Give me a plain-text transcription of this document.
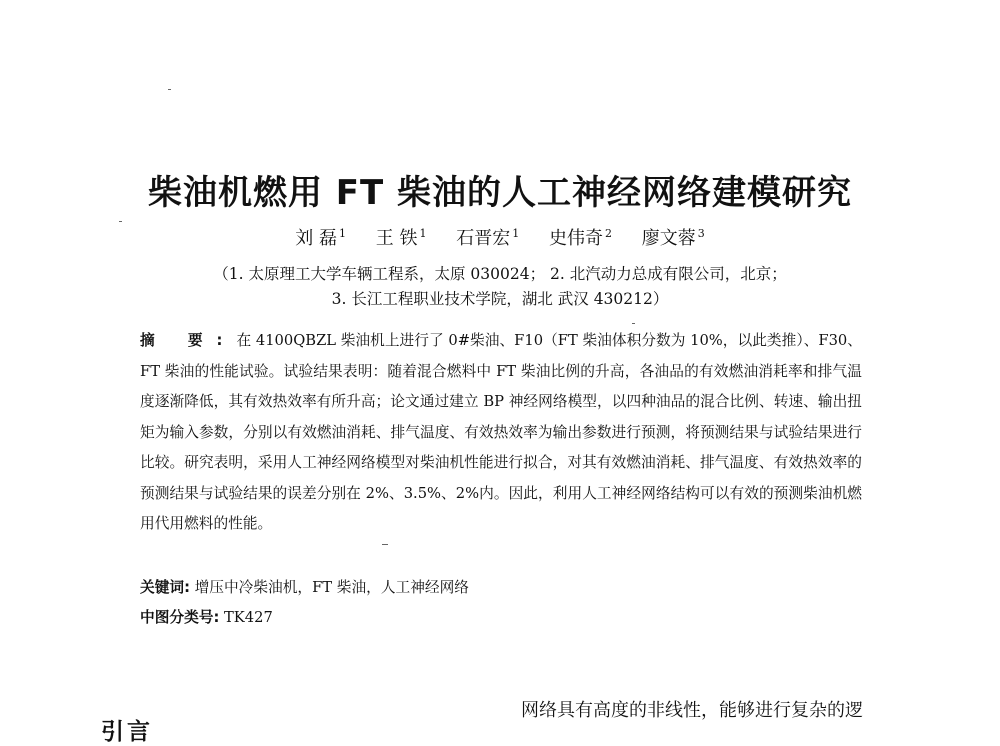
柴油机燃用 FT 柴油的人工神经网络建模研究
刘 磊 $^1$ 王 铁 $^1$ 石晋宏 $^1$ 史伟奇 $^2$ 廖文蓉 $^3$
（1. 太原理工大学车辆工程系，太原 030024； 2. 北汽动力总成有限公司，北京；
3. 长江工程职业技术学院，湖北 武汉 430212）
摘 要:在 4100QBZL 柴油机上进行了 0#柴油、F10（FT 柴油体积分数为 10%，以此类推）、F30、FT 柴油的性能试验。试验结果表明：随着混合燃料中 FT 柴油比例的升高，各油品的有效燃油消耗率和排气温度逐渐降低，其有效热效率有所升高；论文通过建立 BP 神经网络模型，以四种油品的混合比例、转速、输出扭矩为输入参数，分别以有效燃油消耗、排气温度、有效热效率为输出参数进行预测，将预测结果与试验结果进行比较。研究表明，采用人工神经网络模型对柴油机性能进行拟合，对其有效燃油消耗、排气温度、有效热效率的预测结果与试验结果的误差分别在 2%、3.5%、2%内。因此，利用人工神经网络结构可以有效的预测柴油机燃用代用燃料的性能。
关键词: 增压中冷柴油机，FT 柴油，人工神经网络
中图分类号: TK427
引言
网络具有高度的非线性，能够进行复杂的逻
